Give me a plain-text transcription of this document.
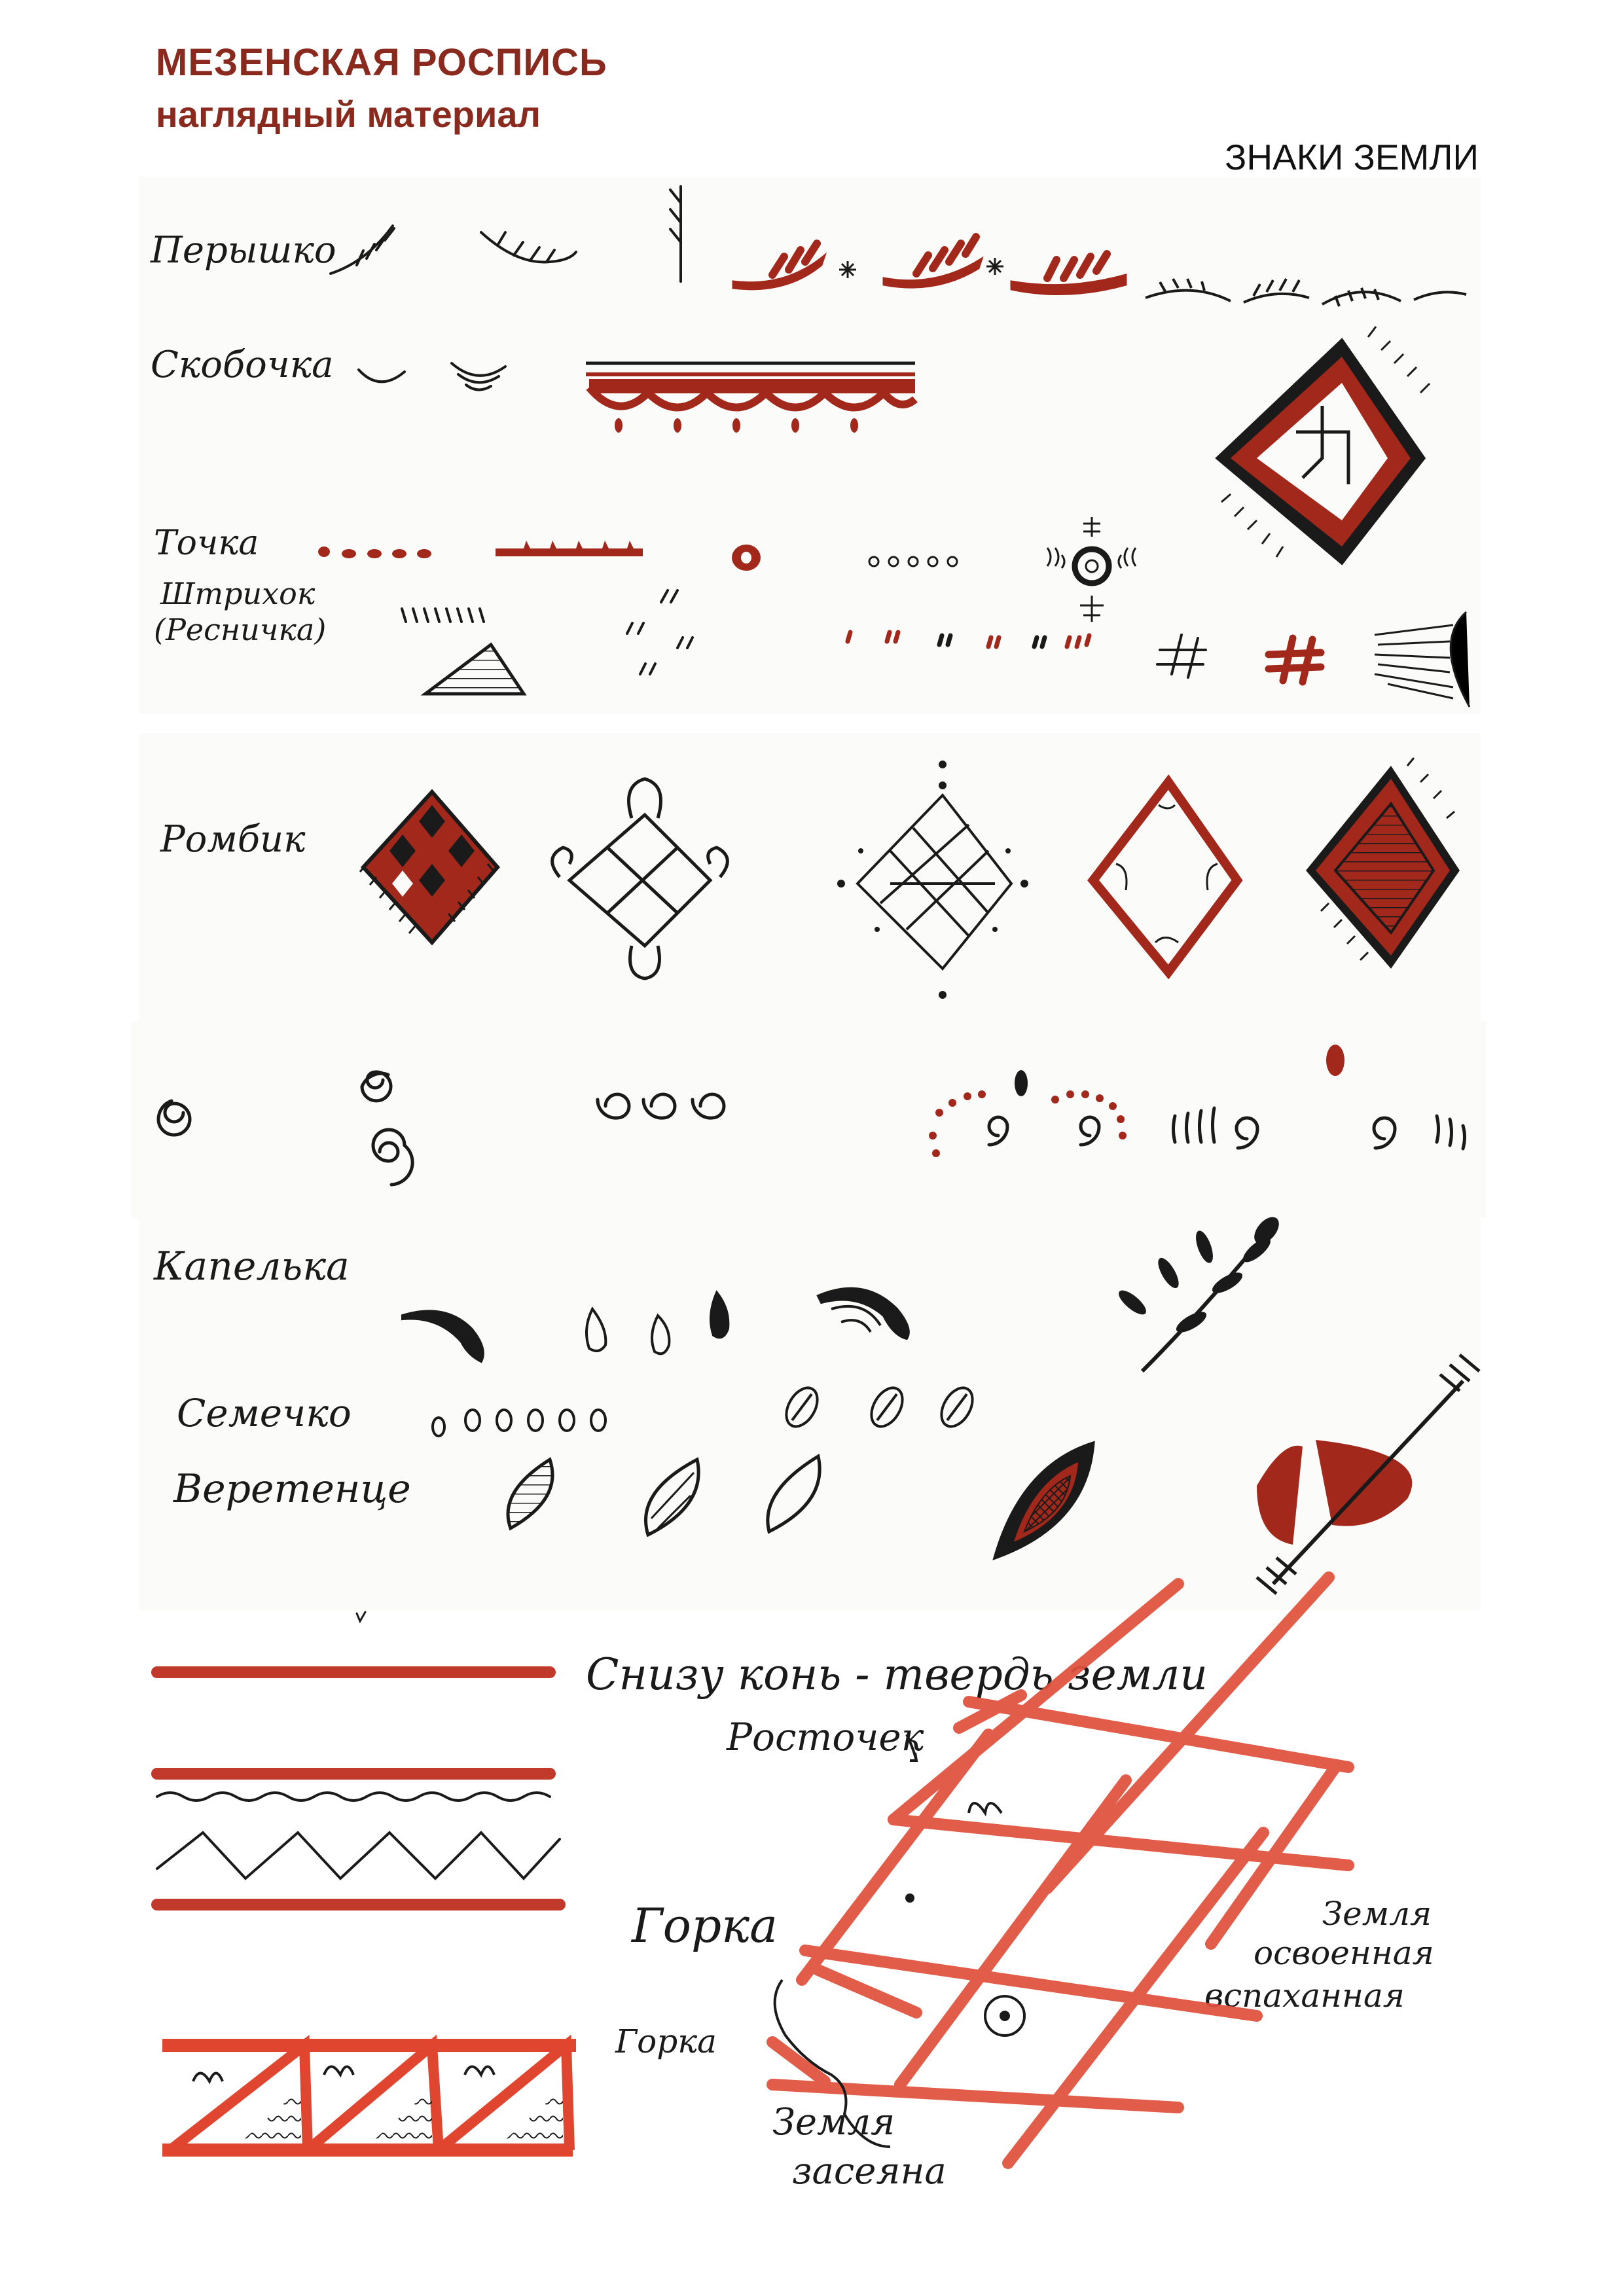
МЕЗЕНСКАЯ РОСПИСЬ
наглядный материал
ЗНАКИ ЗЕМЛИ
Перышко
Скобочка
Точка
Штрихок
(Ресничка)
Ромбик
Капелька
Семечко
Веретенце
Снизу конь - твердь земли
Росточек
Горка
Горка
Земля
освоенная
вспаханная
Земля
засеяна
